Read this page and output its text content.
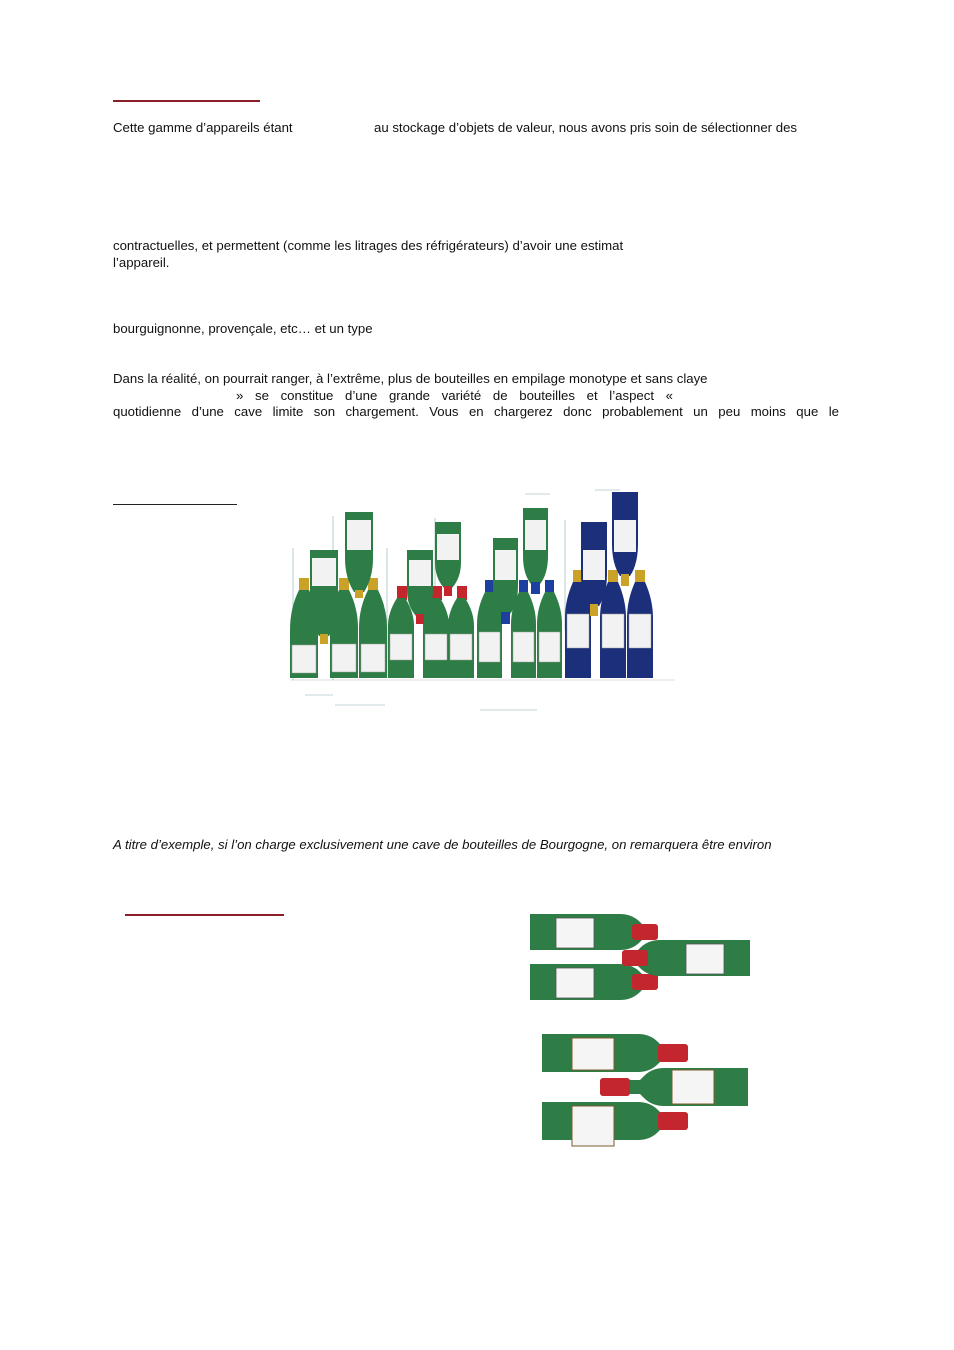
Cette gamme d’appareils étant	au stockage d’objets de valeur, nous avons pris soin de sélectionner des

contractuelles, et permettent (comme les litrages des réfrigérateurs) d’avoir une estimat

l’appareil.

bourguignonne, provençale, etc… et un type

Dans la réalité, on pourrait ranger, à l’extrême, plus de bouteilles en empilage monotype et sans claye

» se constitue d’une grande variété de bouteilles et l’aspect «

quotidienne d’une cave limite son chargement. Vous en chargerez donc probablement un peu moins que le

A titre d’exemple, si l’on charge exclusivement une cave de bouteilles de Bourgogne, on remarquera être environ
